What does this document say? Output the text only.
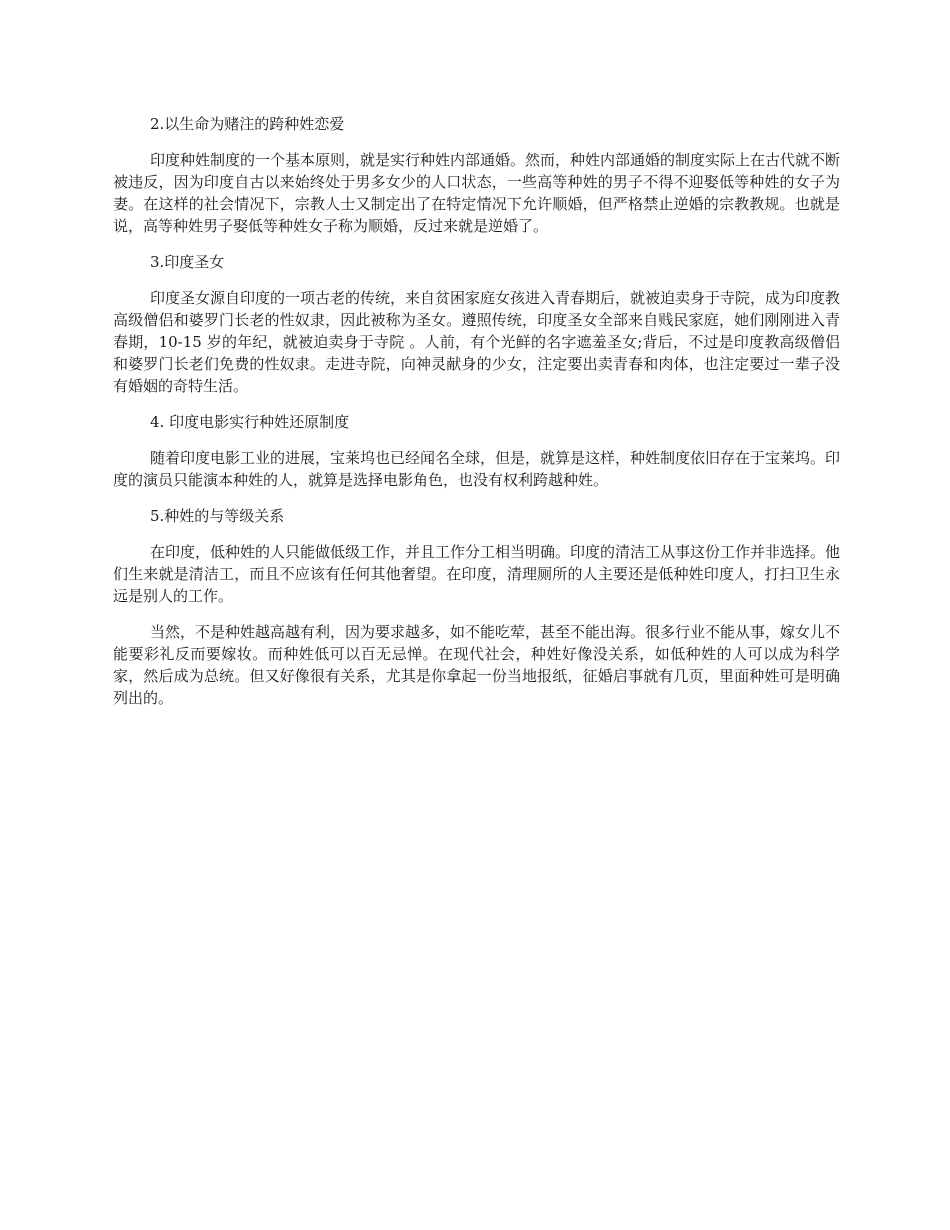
2.以生命为赌注的跨种姓恋爱

印度种姓制度的一个基本原则，就是实行种姓内部通婚。然而，种姓内部通婚的制度实际上在古代就不断被违反，因为印度自古以来始终处于男多女少的人口状态，一些高等种姓的男子不得不迎娶低等种姓的女子为妻。在这样的社会情况下，宗教人士又制定出了在特定情况下允许顺婚，但严格禁止逆婚的宗教教规。也就是说，高等种姓男子娶低等种姓女子称为顺婚，反过来就是逆婚了。

3.印度圣女

印度圣女源自印度的一项古老的传统，来自贫困家庭女孩进入青春期后，就被迫卖身于寺院，成为印度教高级僧侣和婆罗门长老的性奴隶，因此被称为圣女。遵照传统，印度圣女全部来自贱民家庭，她们刚刚进入青春期，10-15 岁的年纪，就被迫卖身于寺院 。人前，有个光鲜的名字遮羞圣女;背后，不过是印度教高级僧侣和婆罗门长老们免费的性奴隶。走进寺院，向神灵献身的少女，注定要出卖青春和肉体，也注定要过一辈子没有婚姻的奇特生活。

4. 印度电影实行种姓还原制度

随着印度电影工业的进展，宝莱坞也已经闻名全球，但是，就算是这样，种姓制度依旧存在于宝莱坞。印度的演员只能演本种姓的人，就算是选择电影角色，也没有权利跨越种姓。

5.种姓的与等级关系

在印度，低种姓的人只能做低级工作，并且工作分工相当明确。印度的清洁工从事这份工作并非选择。他们生来就是清洁工，而且不应该有任何其他奢望。在印度，清理厕所的人主要还是低种姓印度人，打扫卫生永远是别人的工作。

当然，不是种姓越高越有利，因为要求越多，如不能吃荤，甚至不能出海。很多行业不能从事，嫁女儿不能要彩礼反而要嫁妆。而种姓低可以百无忌惮。在现代社会，种姓好像没关系，如低种姓的人可以成为科学家，然后成为总统。但又好像很有关系，尤其是你拿起一份当地报纸，征婚启事就有几页，里面种姓可是明确列出的。
